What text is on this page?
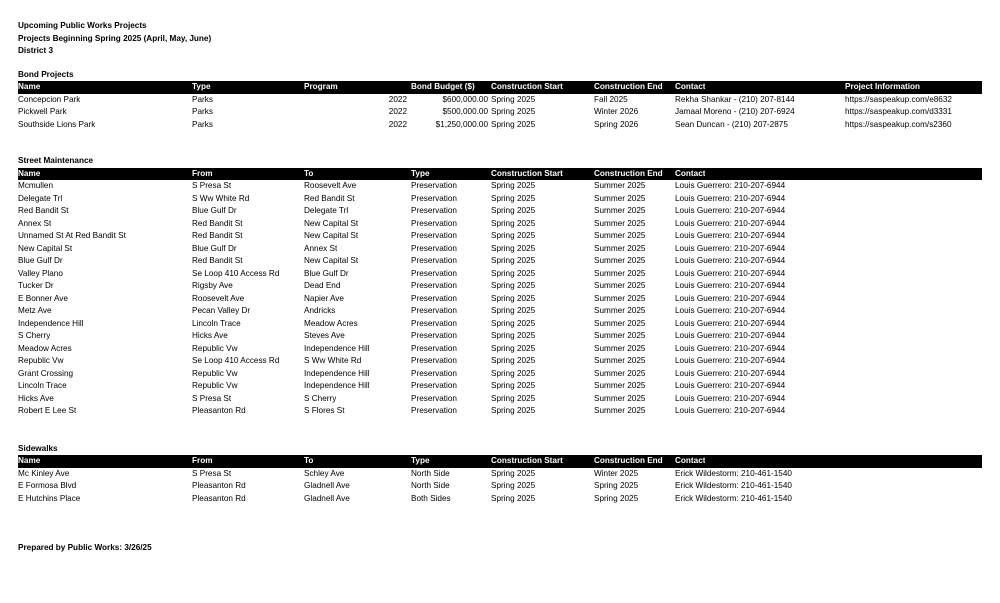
Upcoming Public Works Projects
Projects Beginning Spring 2025 (April, May, June)
District 3
Bond Projects
Name	Type	Program	Bond Budget ($) Construction Start	Construction End Contact	Project Information
Concepcion Park	Parks	2022	$600,000.00 Spring 2025	Fall 2025	Rekha Shankar - (210) 207-8144	https://saspeakup.com/e8632
Pickwell Park	Parks	2022	$500,000.00 Spring 2025	Winter 2026	Jamaal Moreno - (210) 207-6924	https://saspeakup.com/d3331
Southside Lions Park	Parks	2022	$1,250,000.00 Spring 2025	Spring 2026	Sean Duncan - (210) 207-2875	https://saspeakup.com/s2360
Street Maintenance
Name	From	To	Type	Construction Start	Construction End Contact
Mcmullen	S Presa St	Roosevelt Ave	Preservation	Spring 2025	Summer 2025	Louis Guerrero: 210-207-6944
Delegate Trl	S Ww White Rd	Red Bandit St	Preservation	Spring 2025	Summer 2025	Louis Guerrero: 210-207-6944
Red Bandit St	Blue Gulf Dr	Delegate Trl	Preservation	Spring 2025	Summer 2025	Louis Guerrero: 210-207-6944
Annex St	Red Bandit St	New Capital St	Preservation	Spring 2025	Summer 2025	Louis Guerrero: 210-207-6944
Unnamed St At Red Bandit St	Red Bandit St	New Capital St	Preservation	Spring 2025	Summer 2025	Louis Guerrero: 210-207-6944
New Capital St	Blue Gulf Dr	Annex St	Preservation	Spring 2025	Summer 2025	Louis Guerrero: 210-207-6944
Blue Gulf Dr	Red Bandit St	New Capital St	Preservation	Spring 2025	Summer 2025	Louis Guerrero: 210-207-6944
Valley Plano	Se Loop 410 Access Rd	Blue Gulf Dr	Preservation	Spring 2025	Summer 2025	Louis Guerrero: 210-207-6944
Tucker Dr	Rigsby Ave	Dead End	Preservation	Spring 2025	Summer 2025	Louis Guerrero: 210-207-6944
E Bonner Ave	Roosevelt Ave	Napier Ave	Preservation	Spring 2025	Summer 2025	Louis Guerrero: 210-207-6944
Metz Ave	Pecan Valley Dr	Andricks	Preservation	Spring 2025	Summer 2025	Louis Guerrero: 210-207-6944
Independence Hill	Lincoln Trace	Meadow Acres	Preservation	Spring 2025	Summer 2025	Louis Guerrero: 210-207-6944
S Cherry	Hicks Ave	Steves Ave	Preservation	Spring 2025	Summer 2025	Louis Guerrero: 210-207-6944
Meadow Acres	Republic Vw	Independence Hill	Preservation	Spring 2025	Summer 2025	Louis Guerrero: 210-207-6944
Republic Vw	Se Loop 410 Access Rd	S Ww White Rd	Preservation	Spring 2025	Summer 2025	Louis Guerrero: 210-207-6944
Grant Crossing	Republic Vw	Independence Hill	Preservation	Spring 2025	Summer 2025	Louis Guerrero: 210-207-6944
Lincoln Trace	Republic Vw	Independence Hill	Preservation	Spring 2025	Summer 2025	Louis Guerrero: 210-207-6944
Hicks Ave	S Presa St	S Cherry	Preservation	Spring 2025	Summer 2025	Louis Guerrero: 210-207-6944
Robert E Lee St	Pleasanton Rd	S Flores St	Preservation	Spring 2025	Summer 2025	Louis Guerrero: 210-207-6944
Sidewalks
Name	From	To	Type	Construction Start	Construction End Contact
Mc Kinley Ave	S Presa St	Schley Ave	North Side	Spring 2025	Winter 2025	Erick Wildestorm: 210-461-1540
E Formosa Blvd	Pleasanton Rd	Gladnell Ave	North Side	Spring 2025	Spring 2025	Erick Wildestorm: 210-461-1540
E Hutchins Place	Pleasanton Rd	Gladnell Ave	Both Sides	Spring 2025	Spring 2025	Erick Wildestorm: 210-461-1540
Prepared by Public Works: 3/26/25
